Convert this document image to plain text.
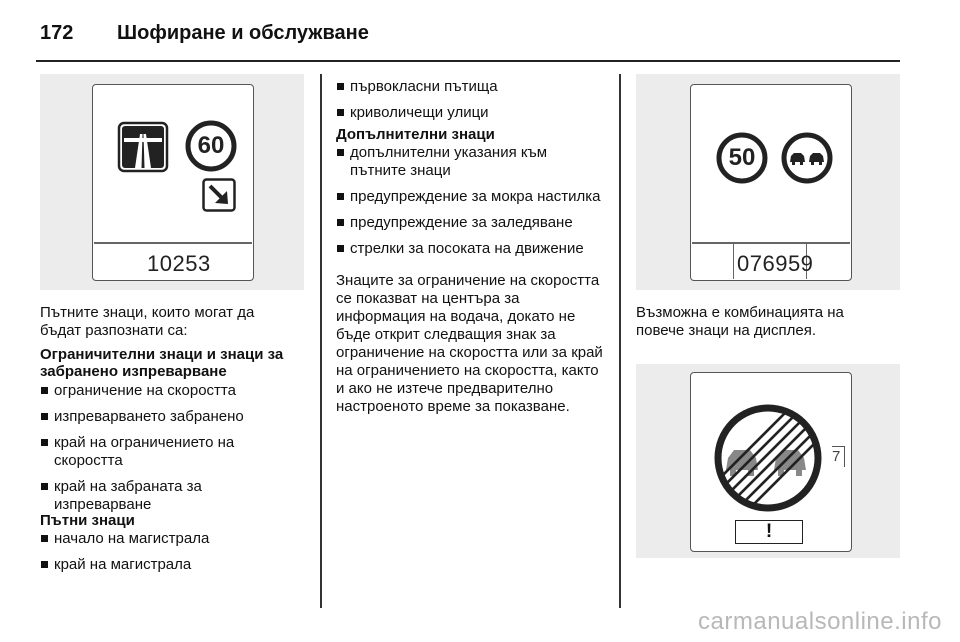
172 Шофиране и обслужване
10253
60
Пътните знаци, които могат да бъдат разпознати са:
Ограничителни знаци и знаци за забранено изпреварване
ограничение на скоростта
изпреварването забранено
край на ограничението на скоростта
край на забраната за изпреварване
Пътни знаци
начало на магистрала
край на магистрала
първокласни пътища
криволичещи улици
Допълнителни знаци
допълнителни указания към пътните знаци
предупреждение за мокра настилка
предупреждение за заледяване
стрелки за посоката на движение
Знаците за ограничение на скоростта се показват на центъра за информация на водача, докато не бъде открит следващия знак за ограничение на скоростта или за край на ограничението на скоростта, както и ако не изтече предварително настроеното време за показване.
076959
50
Възможна е комбинацията на повече знаци на дисплея.
7
!
carmanualsonline.info
